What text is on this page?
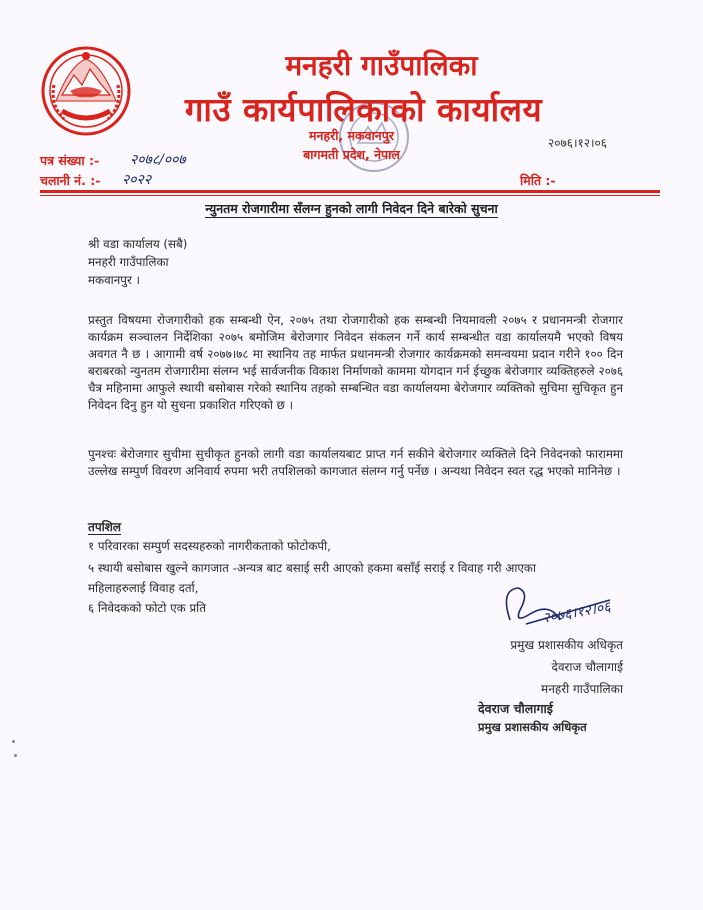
मनहरी गाउँपालिका
गाउँ कार्यपालिकाको कार्यालय
मनहरी, मकवानपुर
बागमती प्रदेश, नेपाल
२०७६।१२।०६
पत्र संख्या :- २०७८/००७
चलानी नं. :- २०२२	मिति :-
न्युनतम रोजगारीमा सँलग्न हुनको लागी निवेदन दिने बारेको सुचना
श्री वडा कार्यालय (सबै)
मनहरी गाउँपालिका
मकवानपुर ।
प्रस्तुत विषयमा रोजगारीको हक सम्बन्धी ऐन, २०७५ तथा रोजगारीको हक सम्बन्धी नियमावली २०७५ र प्रधानमन्त्री रोजगार कार्यक्रम सञ्चालन निर्देशिका २०७५ बमोजिम बेरोजगार निवेदन संकलन गर्ने कार्य सम्बन्धीत वडा कार्यालयमै भएको विषय अवगत नै छ । आगामी वर्ष २०७७।७८ मा स्थानिय तह मार्फत प्रधानमन्त्री रोजगार कार्यक्रमको समन्वयमा प्रदान गरीने १०० दिन बराबरको न्युनतम रोजगारीमा संलग्न भई सार्वजनीक विकाश निर्माणको काममा योगदान गर्न ईच्छुक बेरोजगार व्यक्तिहरुले २०७६ चैत्र महिनामा आफुले स्थायी बसोबास गरेको स्थानिय तहको सम्बन्धित वडा कार्यालयमा बेरोजगार व्यक्तिको सुचिमा सुचिकृत हुन निवेदन दिनु हुन यो सुचना प्रकाशित गरिएको छ ।
पुनश्चः बेरोजगार सुचीमा सुचीकृत हुनको लागी वडा कार्यालयबाट प्राप्त गर्न सकीने बेरोजगार व्यक्तिले दिने निवेदनको फाराममा उल्लेख सम्पुर्ण विवरण अनिवार्य रुपमा भरी तपशिलको कागजात संलग्न गर्नु पर्नेछ । अन्यथा निवेदन स्वत रद्ध भएको मानिनेछ ।
तपशिल
१ परिवारका सम्पुर्ण सदस्यहरुको नागरीकताको फोटोकपी,
५ स्थायी बसोबास खुल्ने कागजात -अन्यत्र बाट बसाई सरी आएको हकमा बसाँई सराई र विवाह गरी आएका
महिलाहरुलाई विवाह दर्ता,
६ निवेदकको फोटो एक प्रति	२०७६।१२।०६
प्रमुख प्रशासकीय अधिकृत
देवराज चौलागाई
मनहरी गाउँपालिका
देवराज चौलागाई
प्रमुख प्रशासकीय अधिकृत
